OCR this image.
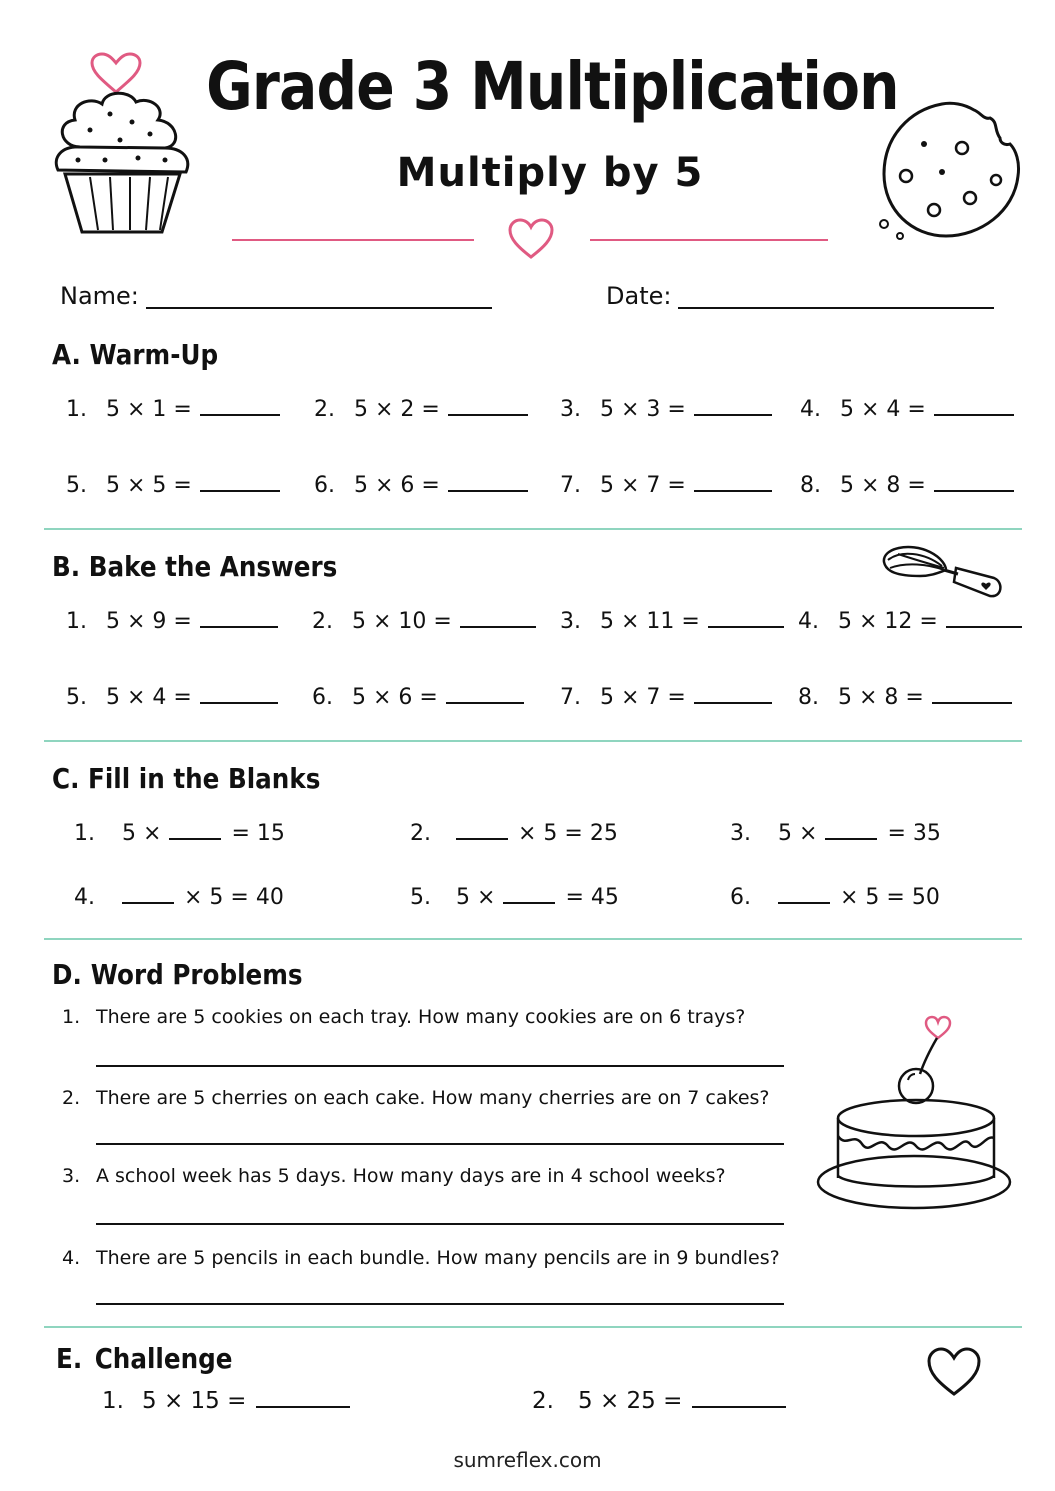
Grade 3 Multiplication
Multiply by 5
Name:	Date:
A. Warm-Up
1. 5 × 1 =	2. 5 × 2 =	3. 5 × 3 =	4. 5 × 4 =
5. 5 × 5 =	6. 5 × 6 =	7. 5 × 7 =	8. 5 × 8 =
B. Bake the Answers
1. 5 × 9 =	2. 5 × 10 =	3. 5 × 11 =	4. 5 × 12 =
5. 5 × 4 =	6. 5 × 6 =	7. 5 × 7 =	8. 5 × 8 =
C. Fill in the Blanks
1.	5 ×	= 15	2.	× 5 = 25	3.	5 ×	= 35
4.	× 5 = 40	5.	5 ×	= 45	6.	× 5 = 50
D. Word Problems
1. There are 5 cookies on each tray. How many cookies are on 6 trays?
2. There are 5 cherries on each cake. How many cherries are on 7 cakes?
3. A school week has 5 days. How many days are in 4 school weeks?
4. There are 5 pencils in each bundle. How many pencils are in 9 bundles?
E. Challenge
1. 5 × 15 =	2.	5 × 25 =
sumreflex.com
